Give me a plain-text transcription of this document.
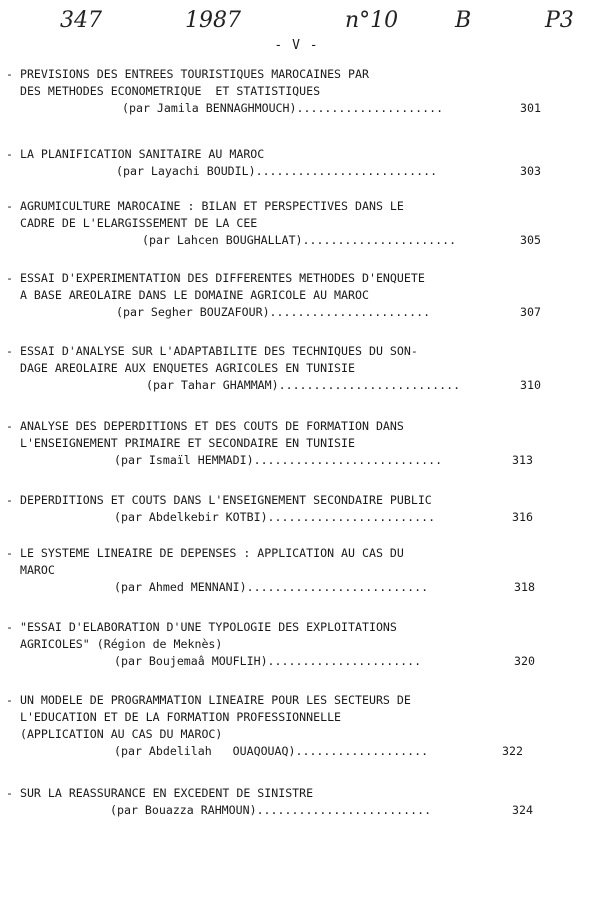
347	1987	n°10	B	P3
- V -
- PREVISIONS DES ENTREES TOURISTIQUES MAROCAINES PAR
DES METHODES ECONOMETRIQUE  ET STATISTIQUES
(par Jamila BENNAGHMOUCH).....................	301
- LA PLANIFICATION SANITAIRE AU MAROC
(par Layachi BOUDIL)..........................	303
- AGRUMICULTURE MAROCAINE : BILAN ET PERSPECTIVES DANS LE
CADRE DE L'ELARGISSEMENT DE LA CEE
(par Lahcen BOUGHALLAT)......................	305
- ESSAI D'EXPERIMENTATION DES DIFFERENTES METHODES D'ENQUETE
A BASE AREOLAIRE DANS LE DOMAINE AGRICOLE AU MAROC
(par Segher BOUZAFOUR).......................	307
- ESSAI D'ANALYSE SUR L'ADAPTABILITE DES TECHNIQUES DU SON-
DAGE AREOLAIRE AUX ENQUETES AGRICOLES EN TUNISIE
(par Tahar GHAMMAM)..........................	310
- ANALYSE DES DEPERDITIONS ET DES COUTS DE FORMATION DANS
L'ENSEIGNEMENT PRIMAIRE ET SECONDAIRE EN TUNISIE
(par Ismaïl HEMMADI)...........................	313
- DEPERDITIONS ET COUTS DANS L'ENSEIGNEMENT SECONDAIRE PUBLIC
(par Abdelkebir KOTBI)........................	316
- LE SYSTEME LINEAIRE DE DEPENSES : APPLICATION AU CAS DU
MAROC
(par Ahmed MENNANI)..........................	318
- "ESSAI D'ELABORATION D'UNE TYPOLOGIE DES EXPLOITATIONS
AGRICOLES" (Région de Meknès)
(par Boujemaâ MOUFLIH)......................	320
- UN MODELE DE PROGRAMMATION LINEAIRE POUR LES SECTEURS DE
L'EDUCATION ET DE LA FORMATION PROFESSIONNELLE
(APPLICATION AU CAS DU MAROC)
(par Abdelilah   OUAQOUAQ)...................	322
- SUR LA REASSURANCE EN EXCEDENT DE SINISTRE
(par Bouazza RAHMOUN).........................	324
